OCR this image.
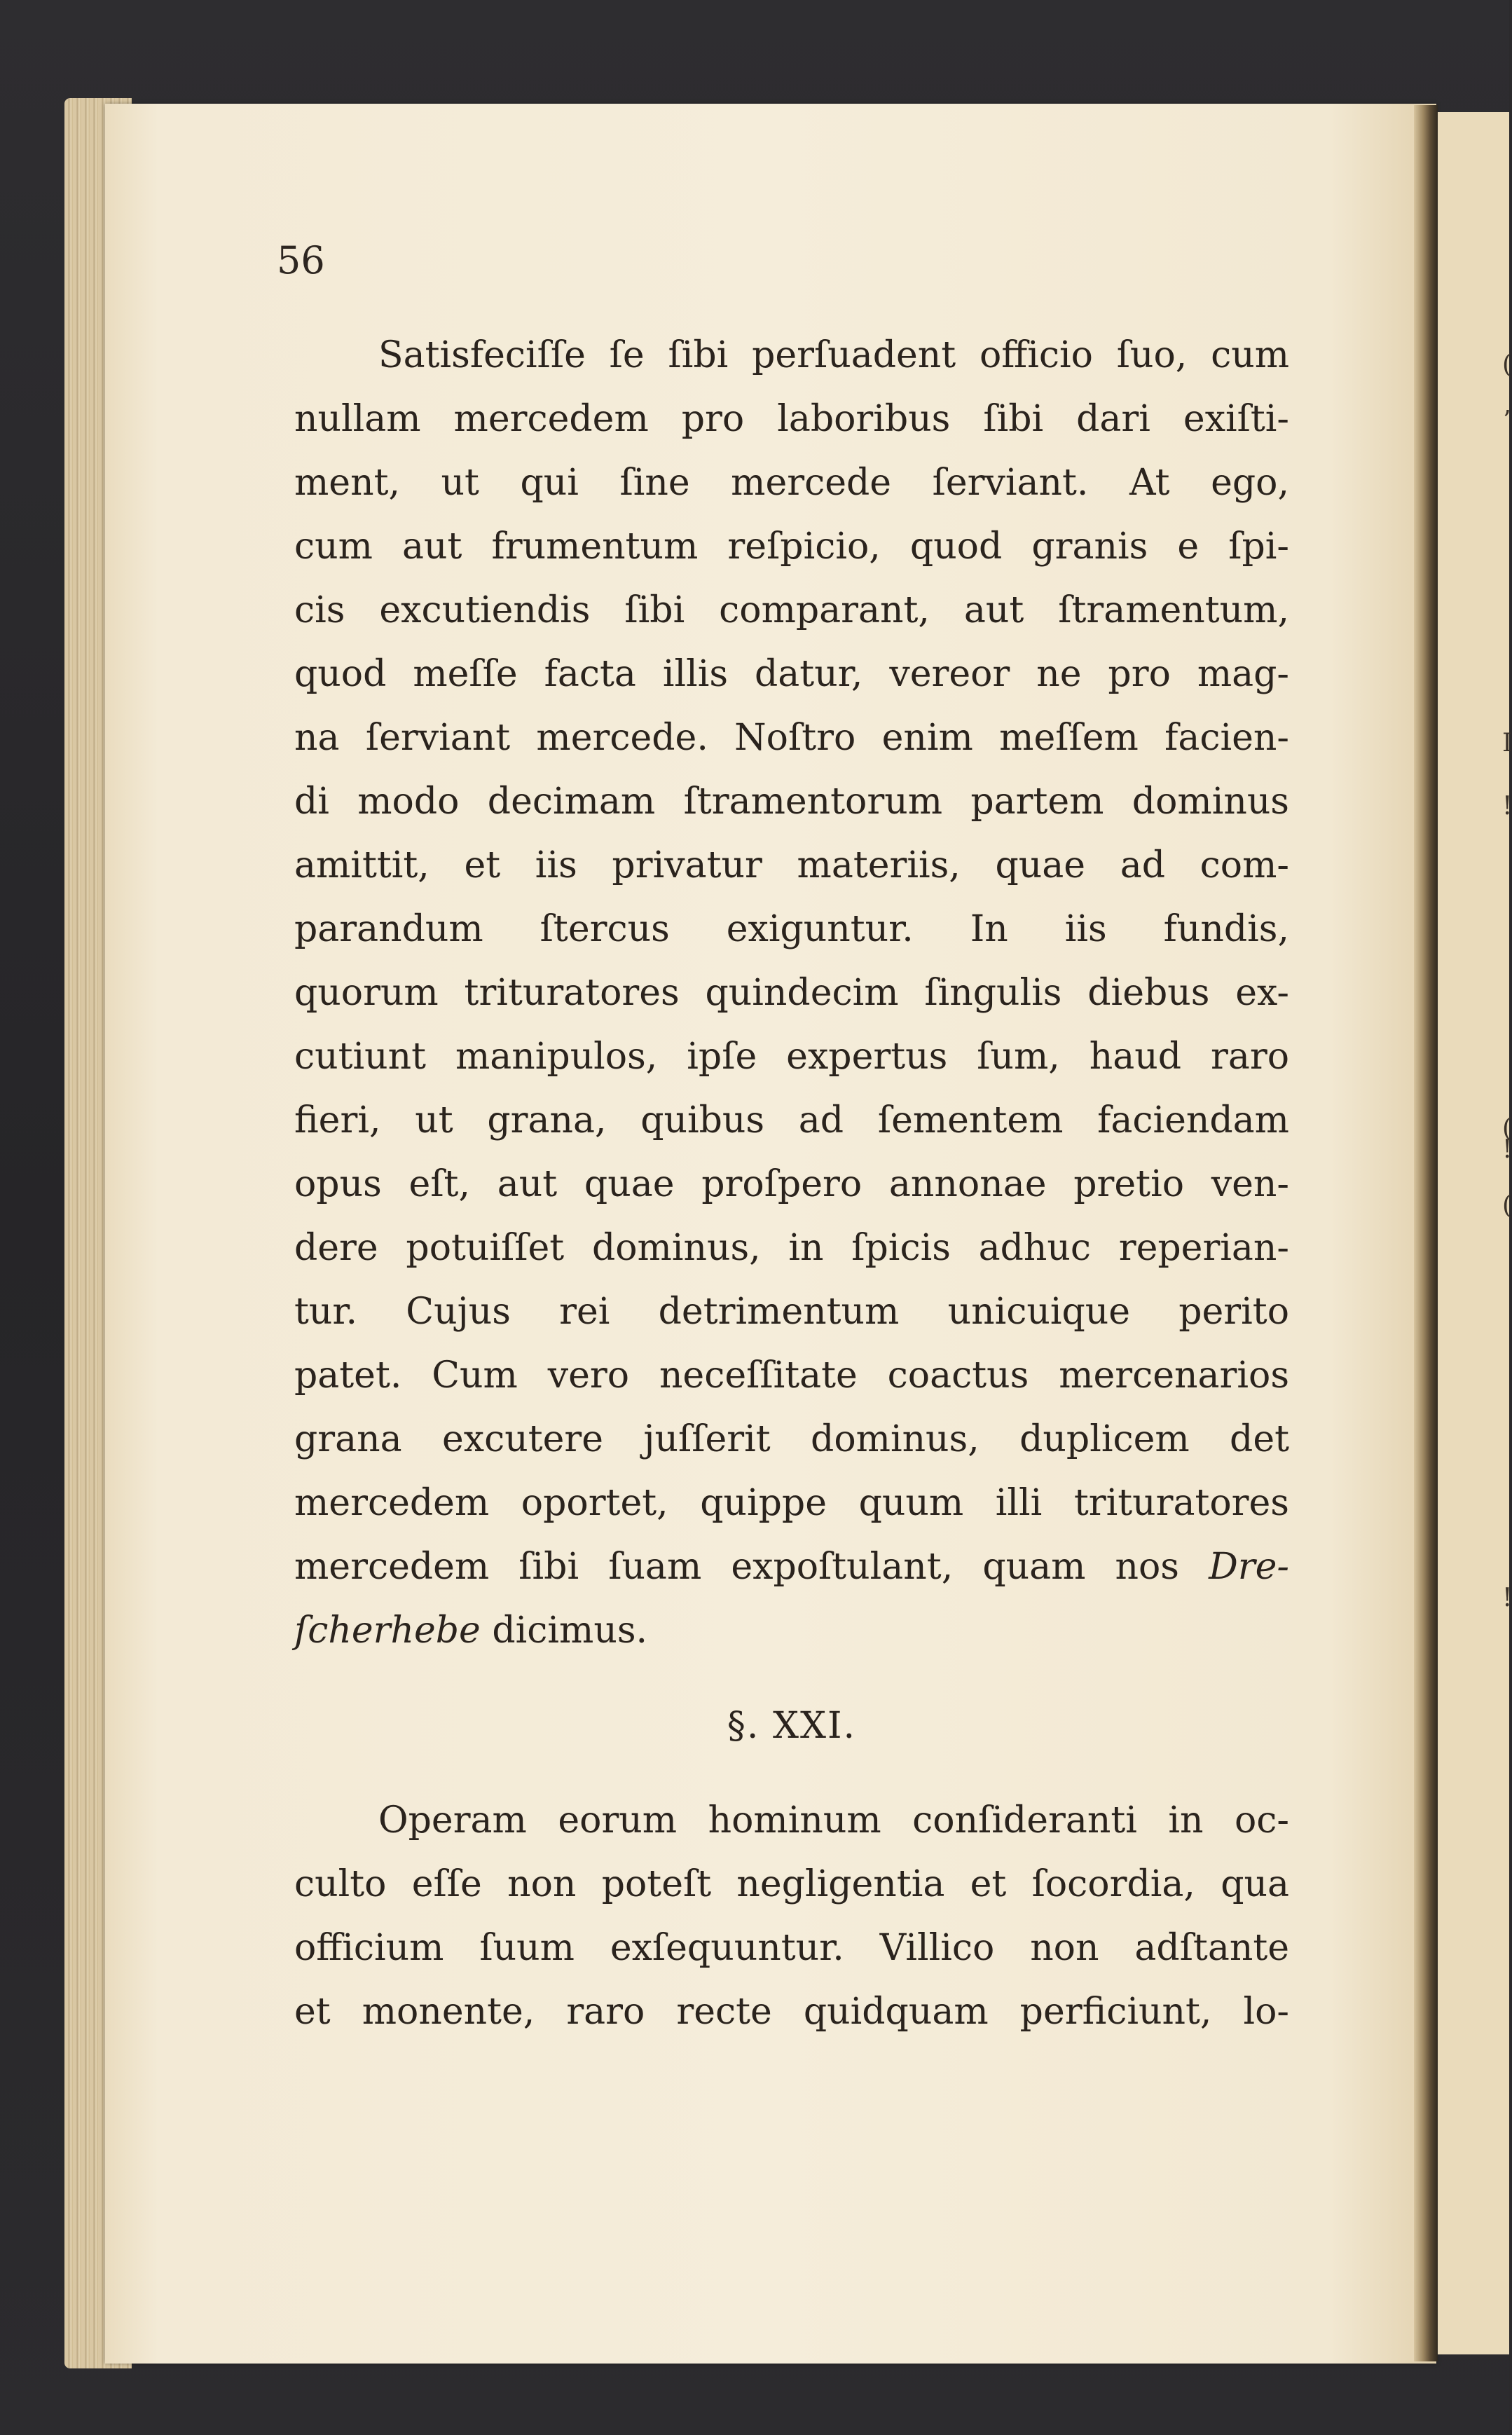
(
ʼ
I
!
!
(
(
!
56
Satisfeciſſe ſe ſibi perſuadent officio ſuo, cum
nullam mercedem pro laboribus ſibi dari exiſti-
ment, ut qui ſine mercede ſerviant. At ego,
cum aut frumentum reſpicio, quod granis e ſpi-
cis excutiendis ſibi comparant, aut ſtramentum,
quod meſſe facta illis datur, vereor ne pro mag-
na ſerviant mercede. Noſtro enim meſſem facien-
di modo decimam ſtramentorum partem dominus
amittit, et iis privatur materiis, quae ad com-
parandum ſtercus exiguntur. In iis fundis,
quorum trituratores quindecim ſingulis diebus ex-
cutiunt manipulos, ipſe expertus ſum, haud raro
fieri, ut grana, quibus ad ſementem faciendam
opus eſt, aut quae proſpero annonae pretio ven-
dere potuiſſet dominus, in ſpicis adhuc reperian-
tur. Cujus rei detrimentum unicuique perito
patet. Cum vero neceſſitate coactus mercenarios
grana excutere juſſerit dominus, duplicem det
mercedem oportet, quippe quum illi trituratores
mercedem ſibi ſuam expoſtulant, quam nos Dre-
ſcherhebe dicimus.
§. XXI.
Operam eorum hominum conſideranti in oc-
culto eſſe non poteſt negligentia et ſocordia, qua
officium ſuum exſequuntur. Villico non adſtante
et monente, raro recte quidquam perficiunt, lo-
